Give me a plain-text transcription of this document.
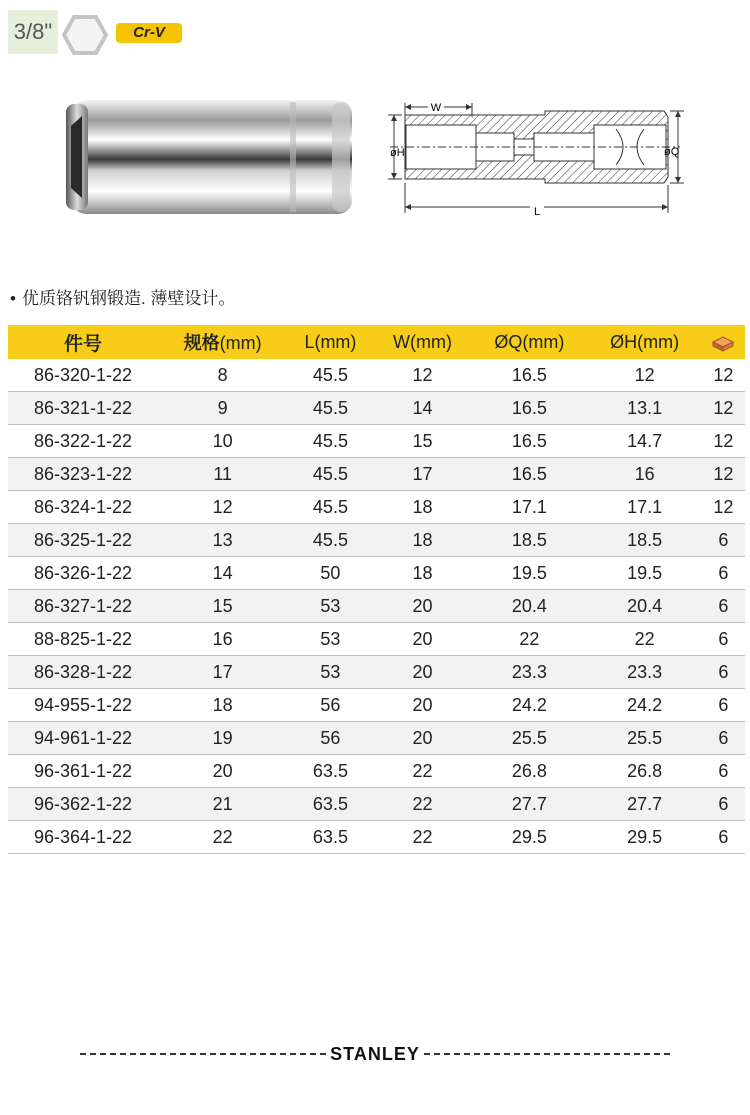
3/8"	Cr-V
W
øH	øQ
L
• 优质铬钒钢锻造. 薄壁设计。
件号	规格(mm)	L(mm)	W(mm)	ØQ(mm)	ØH(mm)	
86-320-1-22	8	45.5	12	16.5	12	12
86-321-1-22	9	45.5	14	16.5	13.1	12
86-322-1-22	10	45.5	15	16.5	14.7	12
86-323-1-22	11	45.5	17	16.5	16	12
86-324-1-22	12	45.5	18	17.1	17.1	12
86-325-1-22	13	45.5	18	18.5	18.5	6
86-326-1-22	14	50	18	19.5	19.5	6
86-327-1-22	15	53	20	20.4	20.4	6
88-825-1-22	16	53	20	22	22	6
86-328-1-22	17	53	20	23.3	23.3	6
94-955-1-22	18	56	20	24.2	24.2	6
94-961-1-22	19	56	20	25.5	25.5	6
96-361-1-22	20	63.5	22	26.8	26.8	6
96-362-1-22	21	63.5	22	27.7	27.7	6
96-364-1-22	22	63.5	22	29.5	29.5	6
STANLEY
